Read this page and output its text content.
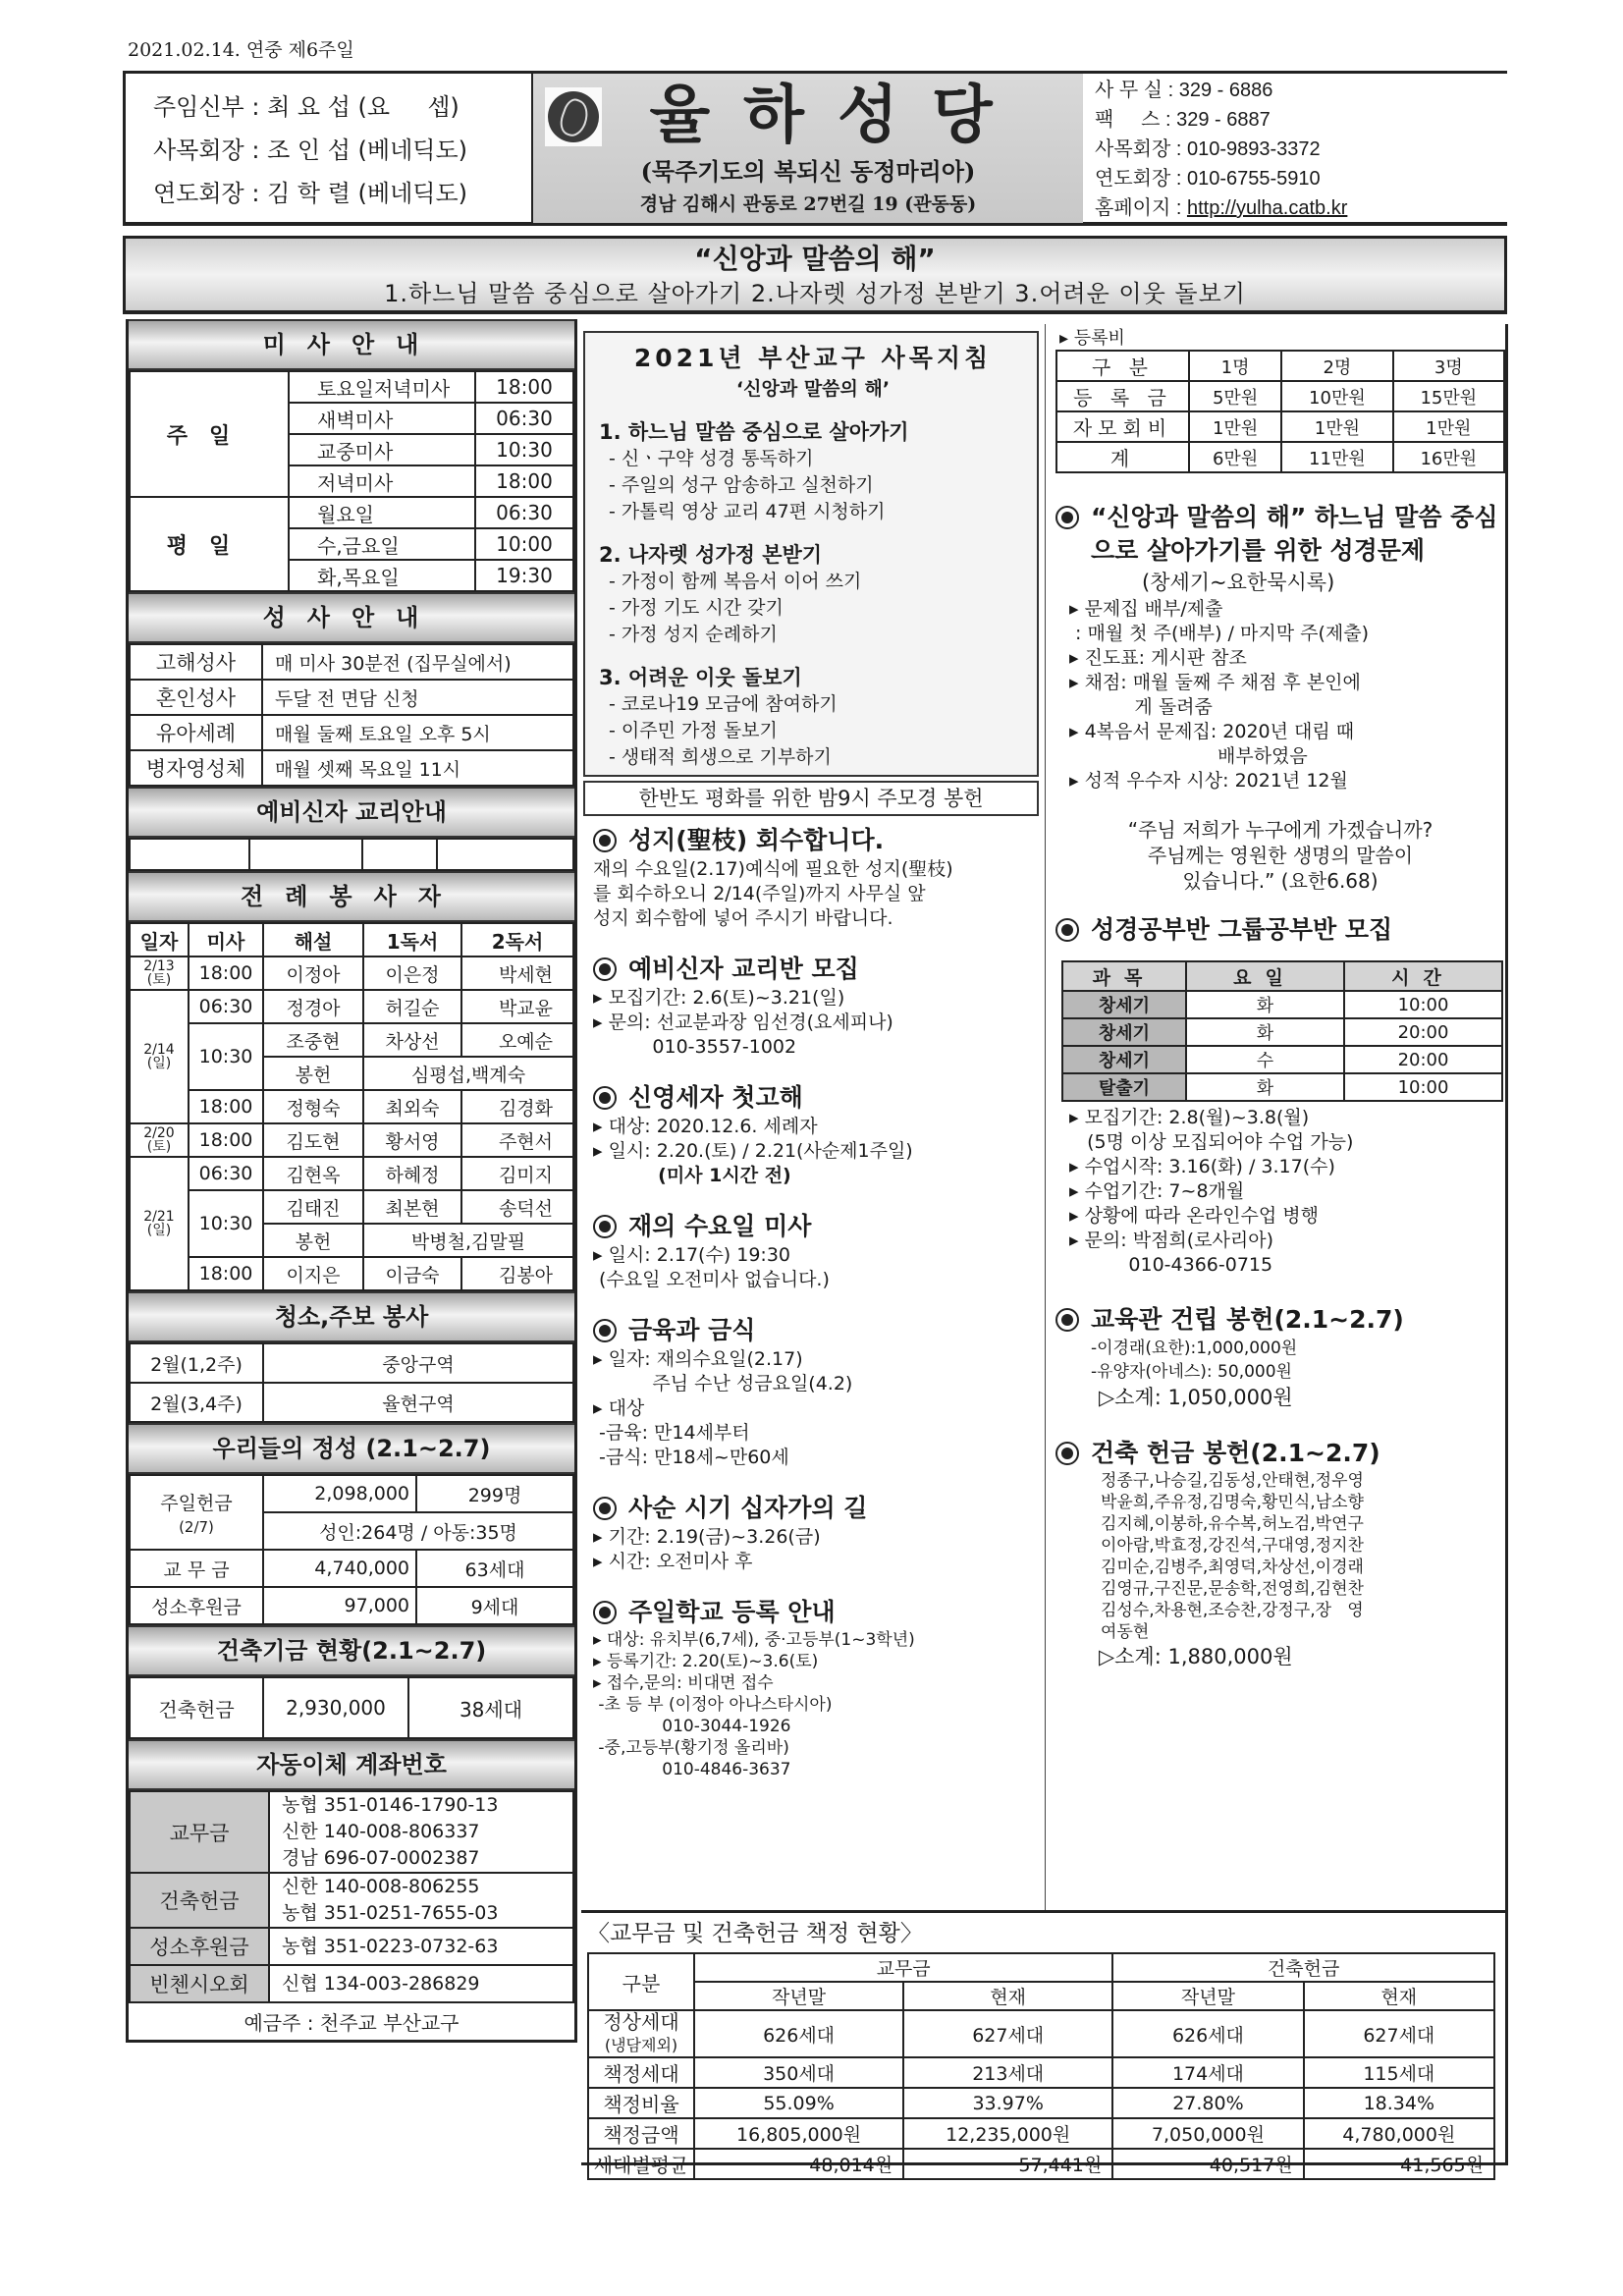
2021.02.14. 연중 제6주일
주임신부 : 최 요 섭 (요     셉)
사목회장 : 조 인 섭 (베네딕도)
연도회장 : 김 학 렬 (베네딕도)
율하성당
(묵주기도의 복되신 동정마리아)
경남 김해시 관동로 27번길 19 (관동동)
사 무 실 : 329 - 6886
팩     스 : 329 - 6887
사목회장 : 010-9893-3372
연도회장 : 010-6755-5910
홈페이지 : http://yulha.catb.kr
“신앙과 말씀의 해”
1.하느님 말씀 중심으로 살아가기 2.나자렛 성가정 본받기 3.어려운 이웃 돌보기
미사안내
주일	토요일저녁미사	18:00
	새벽미사	06:30
	교중미사	10:30
	저녁미사	18:00
평일	월요일	06:30
	수,금요일	10:00
	화,목요일	19:30
성사안내
고해성사	매 미사 30분전 (집무실에서)
혼인성사	두달 전 면담 신청
유아세례	매월 둘째 토요일 오후 5시
병자영성체	매월 셋째 목요일 11시
예비신자 교리안내

전례봉사자
일자	미사	해설	1독서	2독서
2/13
(토)	18:00	이정아	이은정	박세현
2/14
(일)	06:30	정경아	허길순	박교윤
	10:30	조중현	차상선	오예순
		봉헌	심평섭,백계숙	
	18:00	정형숙	최외숙	김경화
2/20
(토)	18:00	김도현	황서영	주현서
2/21
(일)	06:30	김현옥	하혜정	김미지
	10:30	김태진	최본현	송덕선
		봉헌	박병철,김말필	
	18:00	이지은	이금숙	김봉아
청소,주보 봉사
2월(1,2주)	중앙구역
2월(3,4주)	율현구역
우리들의 정성 (2.1~2.7)
주일헌금
(2/7)	2,098,000	299명
	성인:264명 / 아동:35명	
교 무 금	4,740,000	63세대
성소후원금	97,000	9세대
건축기금 현황(2.1~2.7)
건축헌금	2,930,000	38세대
자동이체 계좌번호
교무금	농협 351-0146-1790-13
신한 140-008-806337
경남 696-07-0002387

건축헌금	신한 140-008-806255
농협 351-0251-7655-03

성소후원금	농협 351-0223-0732-63

빈첸시오회	신협 134-003-286829
예금주 : 천주교 부산교구
2021년 부산교구 사목지침
‘신앙과 말씀의 해’
1. 하느님 말씀 중심으로 살아가기
- 신ㆍ구약 성경 통독하기
- 주일의 성구 암송하고 실천하기
- 가톨릭 영상 교리 47편 시청하기
2. 나자렛 성가정 본받기
- 가정이 함께 복음서 이어 쓰기
- 가정 기도 시간 갖기
- 가정 성지 순례하기
3. 어려운 이웃 돌보기
- 코로나19 모금에 참여하기
- 이주민 가정 돌보기
- 생태적 희생으로 기부하기
한반도 평화를 위한 밤9시 주모경 봉헌
성지(聖枝) 회수합니다.
재의 수요일(2.17)예식에 필요한 성지(聖枝)
를 회수하오니 2/14(주일)까지 사무실 앞
성지 회수함에 넣어 주시기 바랍니다.
예비신자 교리반 모집
▸ 모집기간: 2.6(토)~3.21(일)
▸ 문의: 선교분과장 임선경(요세피나)
010-3557-1002
신영세자 첫고해
▸ 대상: 2020.12.6. 세례자
▸ 일시: 2.20.(토) / 2.21(사순제1주일)
(미사 1시간 전)
재의 수요일 미사
▸ 일시: 2.17(수) 19:30
(수요일 오전미사 없습니다.)
금육과 금식
▸ 일자: 재의수요일(2.17)
주님 수난 성금요일(4.2)
▸ 대상
-금육: 만14세부터
-금식: 만18세~만60세
사순 시기 십자가의 길
▸ 기간: 2.19(금)~3.26(금)
▸ 시간: 오전미사 후
주일학교 등록 안내
▸ 대상: 유치부(6,7세), 중·고등부(1~3학년)
▸ 등록기간: 2.20(토)~3.6(토)
▸ 접수,문의: 비대면 접수
-초 등 부 (이정아 아나스타시아)
010-3044-1926
-중,고등부(황기정 올리바)
010-4846-3637
▸ 등록비
구 분	1명	2명	3명
등 록 금	5만원	10만원	15만원
자모회비	1만원	1만원	1만원
계	6만원	11만원	16만원
“신앙과 말씀의 해” 하느님 말씀 중심으로 살아가기를 위한 성경문제
(창세기~요한묵시록)
▸ 문제집 배부/제출
: 매월 첫 주(배부) / 마지막 주(제출)
▸ 진도표: 게시판 참조
▸ 채점: 매월 둘째 주 채점 후 본인에
게 돌려줌
▸ 4복음서 문제집: 2020년 대림 때
배부하였음
▸ 성적 우수자 시상: 2021년 12월
“주님 저희가 누구에게 가겠습니까?
주님께는 영원한 생명의 말씀이
있습니다.” (요한6.68)
성경공부반 그룹공부반 모집
과목	요일	시간
창세기	화	10:00
창세기	화	20:00
창세기	수	20:00
탈출기	화	10:00
▸ 모집기간: 2.8(월)~3.8(월)
(5명 이상 모집되어야 수업 가능)
▸ 수업시작: 3.16(화) / 3.17(수)
▸ 수업기간: 7~8개월
▸ 상황에 따라 온라인수업 병행
▸ 문의: 박점희(로사리아)
010-4366-0715
교육관 건립 봉헌(2.1~2.7)
-이경래(요한):1,000,000원
-유양자(아네스): 50,000원
▷소계: 1,050,000원
건축 헌금 봉헌(2.1~2.7)
정종구,나승길,김동성,안태현,정우영
박윤희,주유정,김명숙,황민식,남소향
김지혜,이봉하,유수복,허노검,박연구
이아람,박효정,강진석,구대영,정지찬
김미순,김병주,최영덕,차상선,이경래
김영규,구진문,문송학,전영희,김현찬
김성수,차용현,조승찬,강정구,장   영
여동현
▷소계: 1,880,000원
〈교무금 및 건축헌금 책정 현황〉
구분	교무금		건축헌금	
	작년말	현재	작년말	현재
정상세대
(냉담제외)	626세대	627세대	626세대	627세대
책정세대	350세대	213세대	174세대	115세대
책정비율	55.09%	33.97%	27.80%	18.34%
책정금액	16,805,000원	12,235,000원	7,050,000원	4,780,000원
세대별평균	48,014원	57,441원	40,517원	41,565원
